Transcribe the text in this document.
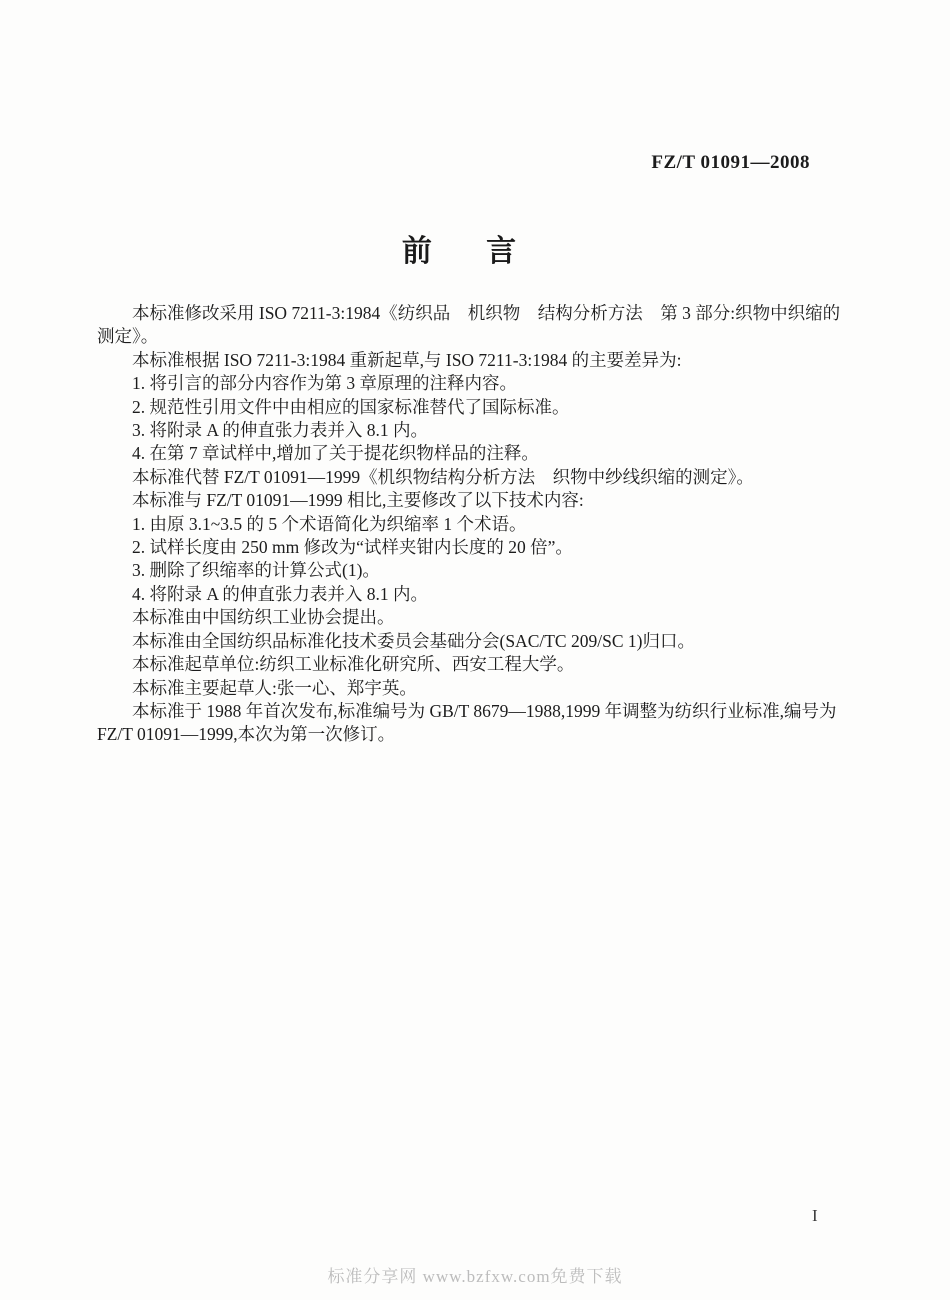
FZ/T 01091—2008
前 言
本标准修改采用 ISO 7211-3:1984《纺织品　机织物　结构分析方法　第 3 部分:织物中织缩的
测定》。
本标准根据 ISO 7211-3:1984 重新起草,与 ISO 7211-3:1984 的主要差异为:
1. 将引言的部分内容作为第 3 章原理的注释内容。
2. 规范性引用文件中由相应的国家标准替代了国际标准。
3. 将附录 A 的伸直张力表并入 8.1 内。
4. 在第 7 章试样中,增加了关于提花织物样品的注释。
本标准代替 FZ/T 01091—1999《机织物结构分析方法　织物中纱线织缩的测定》。
本标准与 FZ/T 01091—1999 相比,主要修改了以下技术内容:
1. 由原 3.1~3.5 的 5 个术语简化为织缩率 1 个术语。
2. 试样长度由 250 mm 修改为“试样夹钳内长度的 20 倍”。
3. 删除了织缩率的计算公式(1)。
4. 将附录 A 的伸直张力表并入 8.1 内。
本标准由中国纺织工业协会提出。
本标准由全国纺织品标准化技术委员会基础分会(SAC/TC 209/SC 1)归口。
本标准起草单位:纺织工业标准化研究所、西安工程大学。
本标准主要起草人:张一心、郑宇英。
本标准于 1988 年首次发布,标准编号为 GB/T 8679—1988,1999 年调整为纺织行业标准,编号为
FZ/T 01091—1999,本次为第一次修订。
I
标准分享网 www.bzfxw.com免费下载
